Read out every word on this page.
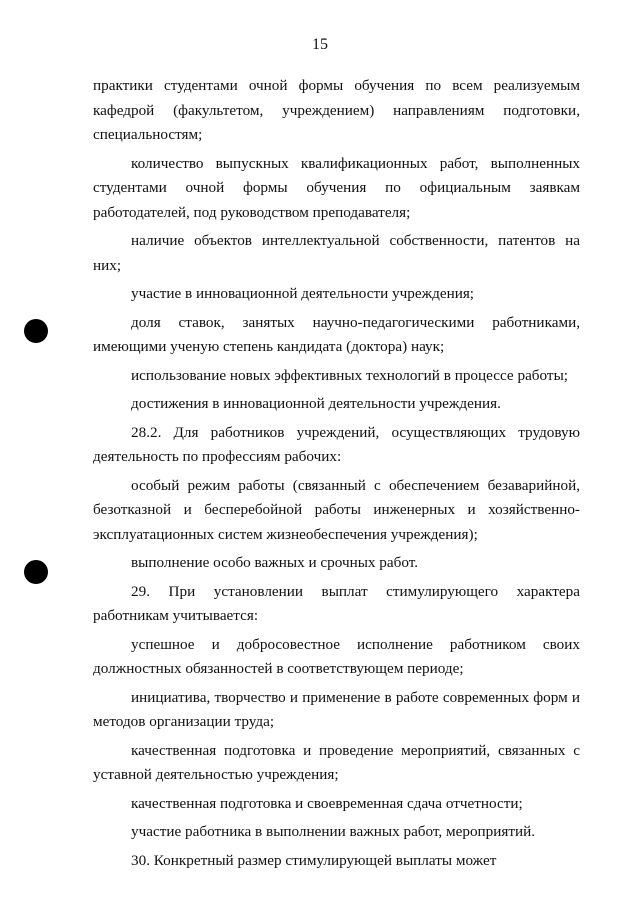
15

практики студентами очной формы обучения по всем реализуемым кафедрой (факультетом, учреждением) направлениям подготовки, специальностям;

количество выпускных квалификационных работ, выполненных студентами очной формы обучения по официальным заявкам работодателей, под руководством преподавателя;

наличие объектов интеллектуальной собственности, патентов на них;

участие в инновационной деятельности учреждения;

доля ставок, занятых научно-педагогическими работниками, имеющими ученую степень кандидата (доктора) наук;

использование новых эффективных технологий в процессе работы;

достижения в инновационной деятельности учреждения.

28.2. Для работников учреждений, осуществляющих трудовую деятельность по профессиям рабочих:

особый режим работы (связанный с обеспечением безаварийной, безотказной и бесперебойной работы инженерных и хозяйственно-эксплуатационных систем жизнеобеспечения учреждения);

выполнение особо важных и срочных работ.

29. При установлении выплат стимулирующего характера работникам учитывается:

успешное и добросовестное исполнение работником своих должностных обязанностей в соответствующем периоде;

инициатива, творчество и применение в работе современных форм и методов организации труда;

качественная подготовка и проведение мероприятий, связанных с уставной деятельностью учреждения;

качественная подготовка и своевременная сдача отчетности;

участие работника в выполнении важных работ, мероприятий.

30. Конкретный размер стимулирующей выплаты может
